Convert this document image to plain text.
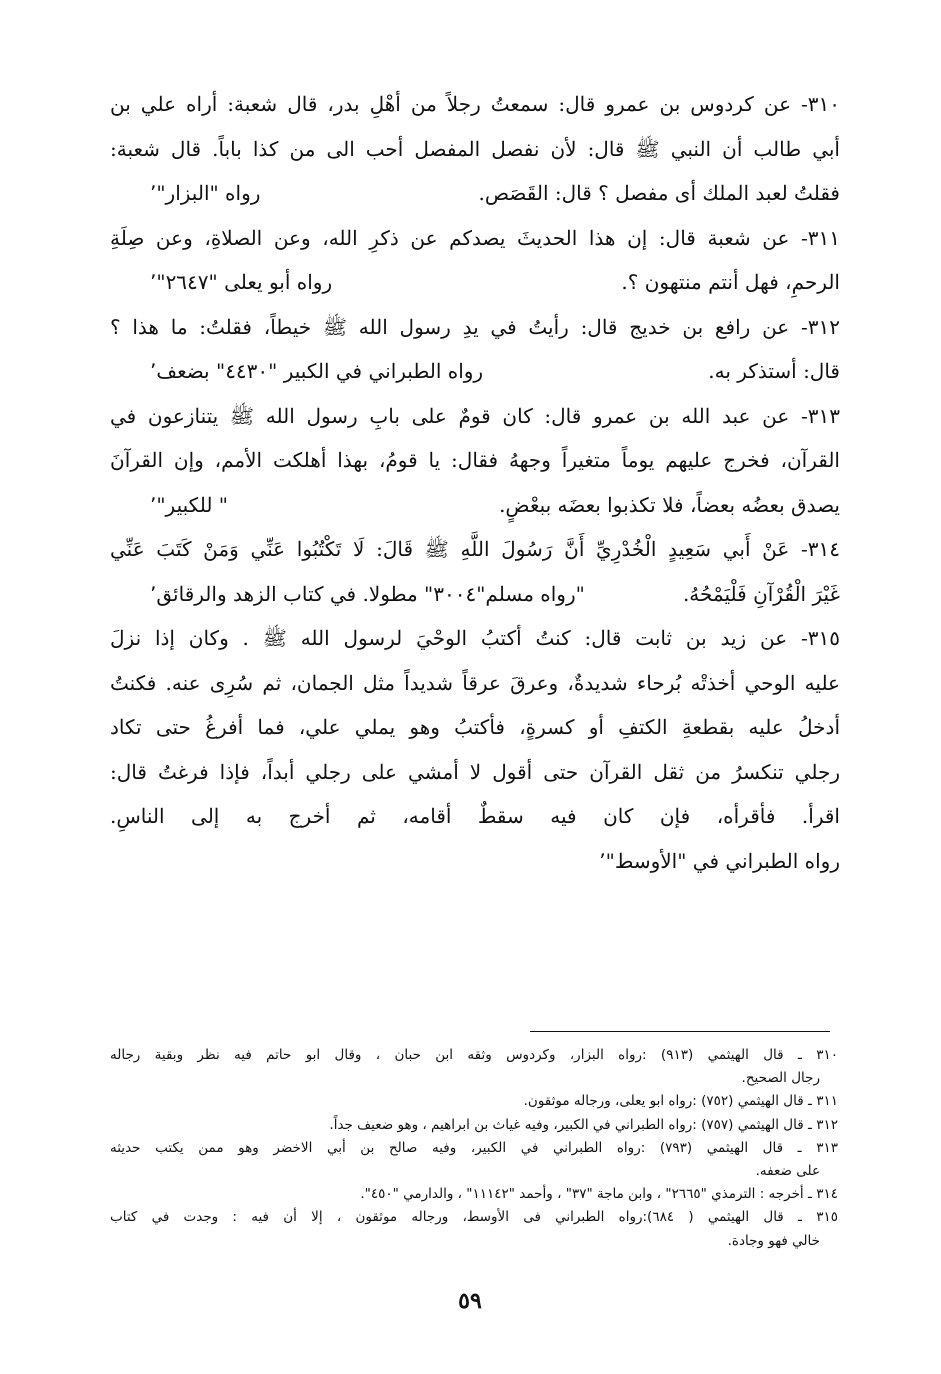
٣١٠- عن كردوس بن عمرو قال: سمعتُ رجلاً من أهْلِ بدر، قال شعبة: أراه علي بن
أبي طالب أن النبي ﷺ قال: لأن نفصل المفصل أحب الى من كذا باباً. قال شعبة:
فقلتُ لعبد الملك أى مفصل ؟ قال: القَصَص.
رواه "البزار"٬
٣١١- عن شعبة قال: إن هذا الحديثَ يصدكم عن ذكرِ الله، وعن الصلاةِ، وعن صِلَةِ
الرحمِ، فهل أنتم منتهون ؟.
رواه أبو يعلى "٢٦٤٧"٬
٣١٢- عن رافع بن خديج قال: رأيتُ في يدِ رسول الله ﷺ خيطاً، فقلتُ: ما هذا ؟
قال: أستذكر به.
رواه الطبراني في الكبير "٤٤٣٠" بضعف٬
٣١٣- عن عبد الله بن عمرو قال: كان قومٌ على بابِ رسول الله ﷺ يتنازعون في
القرآن، فخرج عليهم يوماً متغيراً وجههُ فقال: يا قومُ، بهذا أهلكت الأمم، وإن القرآنَ
يصدق بعضُه بعضاً، فلا تكذبوا بعضَه ببعْضٍ.
" للكبير"٬
٣١٤- عَنْ أَبي سَعِيدٍ الْخُدْرِيِّ أَنَّ رَسُولَ اللَّهِ ﷺ قَالَ: لَا تَكْتُبُوا عَنِّي وَمَنْ كَتَبَ عَنِّي
غَيْرَ الْقُرْآنِ فَلْيَمْحُهُ.
"رواه مسلم"٣٠٠٤" مطولا. في كتاب الزهد والرقائق٬
٣١٥- عن زيد بن ثابت قال: كنتُ أكتبُ الوحْيَ لرسول الله ﷺ . وكان إذا نزلَ
عليه الوحي أخذتْه بُرحاء شديدةٌ، وعرقَ عرقاً شديداً مثل الجمان، ثم سُرِى عنه. فكنتُ
أدخلُ عليه بقطعةِ الكتفِ أو كسرةٍ، فأكتبُ وهو يملي علي، فما أفرغُ حتى تكاد
رجلي تنكسرُ من ثقل القرآن حتى أقول لا أمشي على رجلي أبداً، فإذا فرغتُ قال:
اقرأ. فأقرأه، فإن كان فيه سقطٌ أقامه، ثم أخرج به إلى الناسِ.
رواه الطبراني في "الأوسط"٬
٣١٠ ـ قال الهيثمي (٩١٣) :رواه البزار، وكردوس وثقه ابن حبان ، وقال ابو حاتم فيه نظر وبقية رجاله
رجال الصحيح.
٣١١ ـ قال الهيثمي (٧٥٢) :رواه ابو يعلى، ورجاله موثقون.
٣١٢ ـ قال الهيثمي (٧٥٧) :رواه الطبراني في الكبير، وفيه غياث بن ابراهيم ، وهو ضعيف جداً.
٣١٣ ـ قال الهيثمي (٧٩٣) :رواه الطبراني في الكبير، وفيه صالح بن أبي الاخضر وهو ممن يكتب حديثه
على ضعفه.
٣١٤ ـ أخرجه : الترمذي "٢٦٦٥" ، وابن ماجة "٣٧" ، وأحمد "١١١٤٢" ، والدارمي "٤٥٠".
٣١٥ ـ قال الهيثمي ( ٦٨٤):رواه الطبراني فى الأوسط، ورجاله موثقون ، إلا أن فيه : وجدت في كتاب
خالي فهو وجادة.
٥٩
